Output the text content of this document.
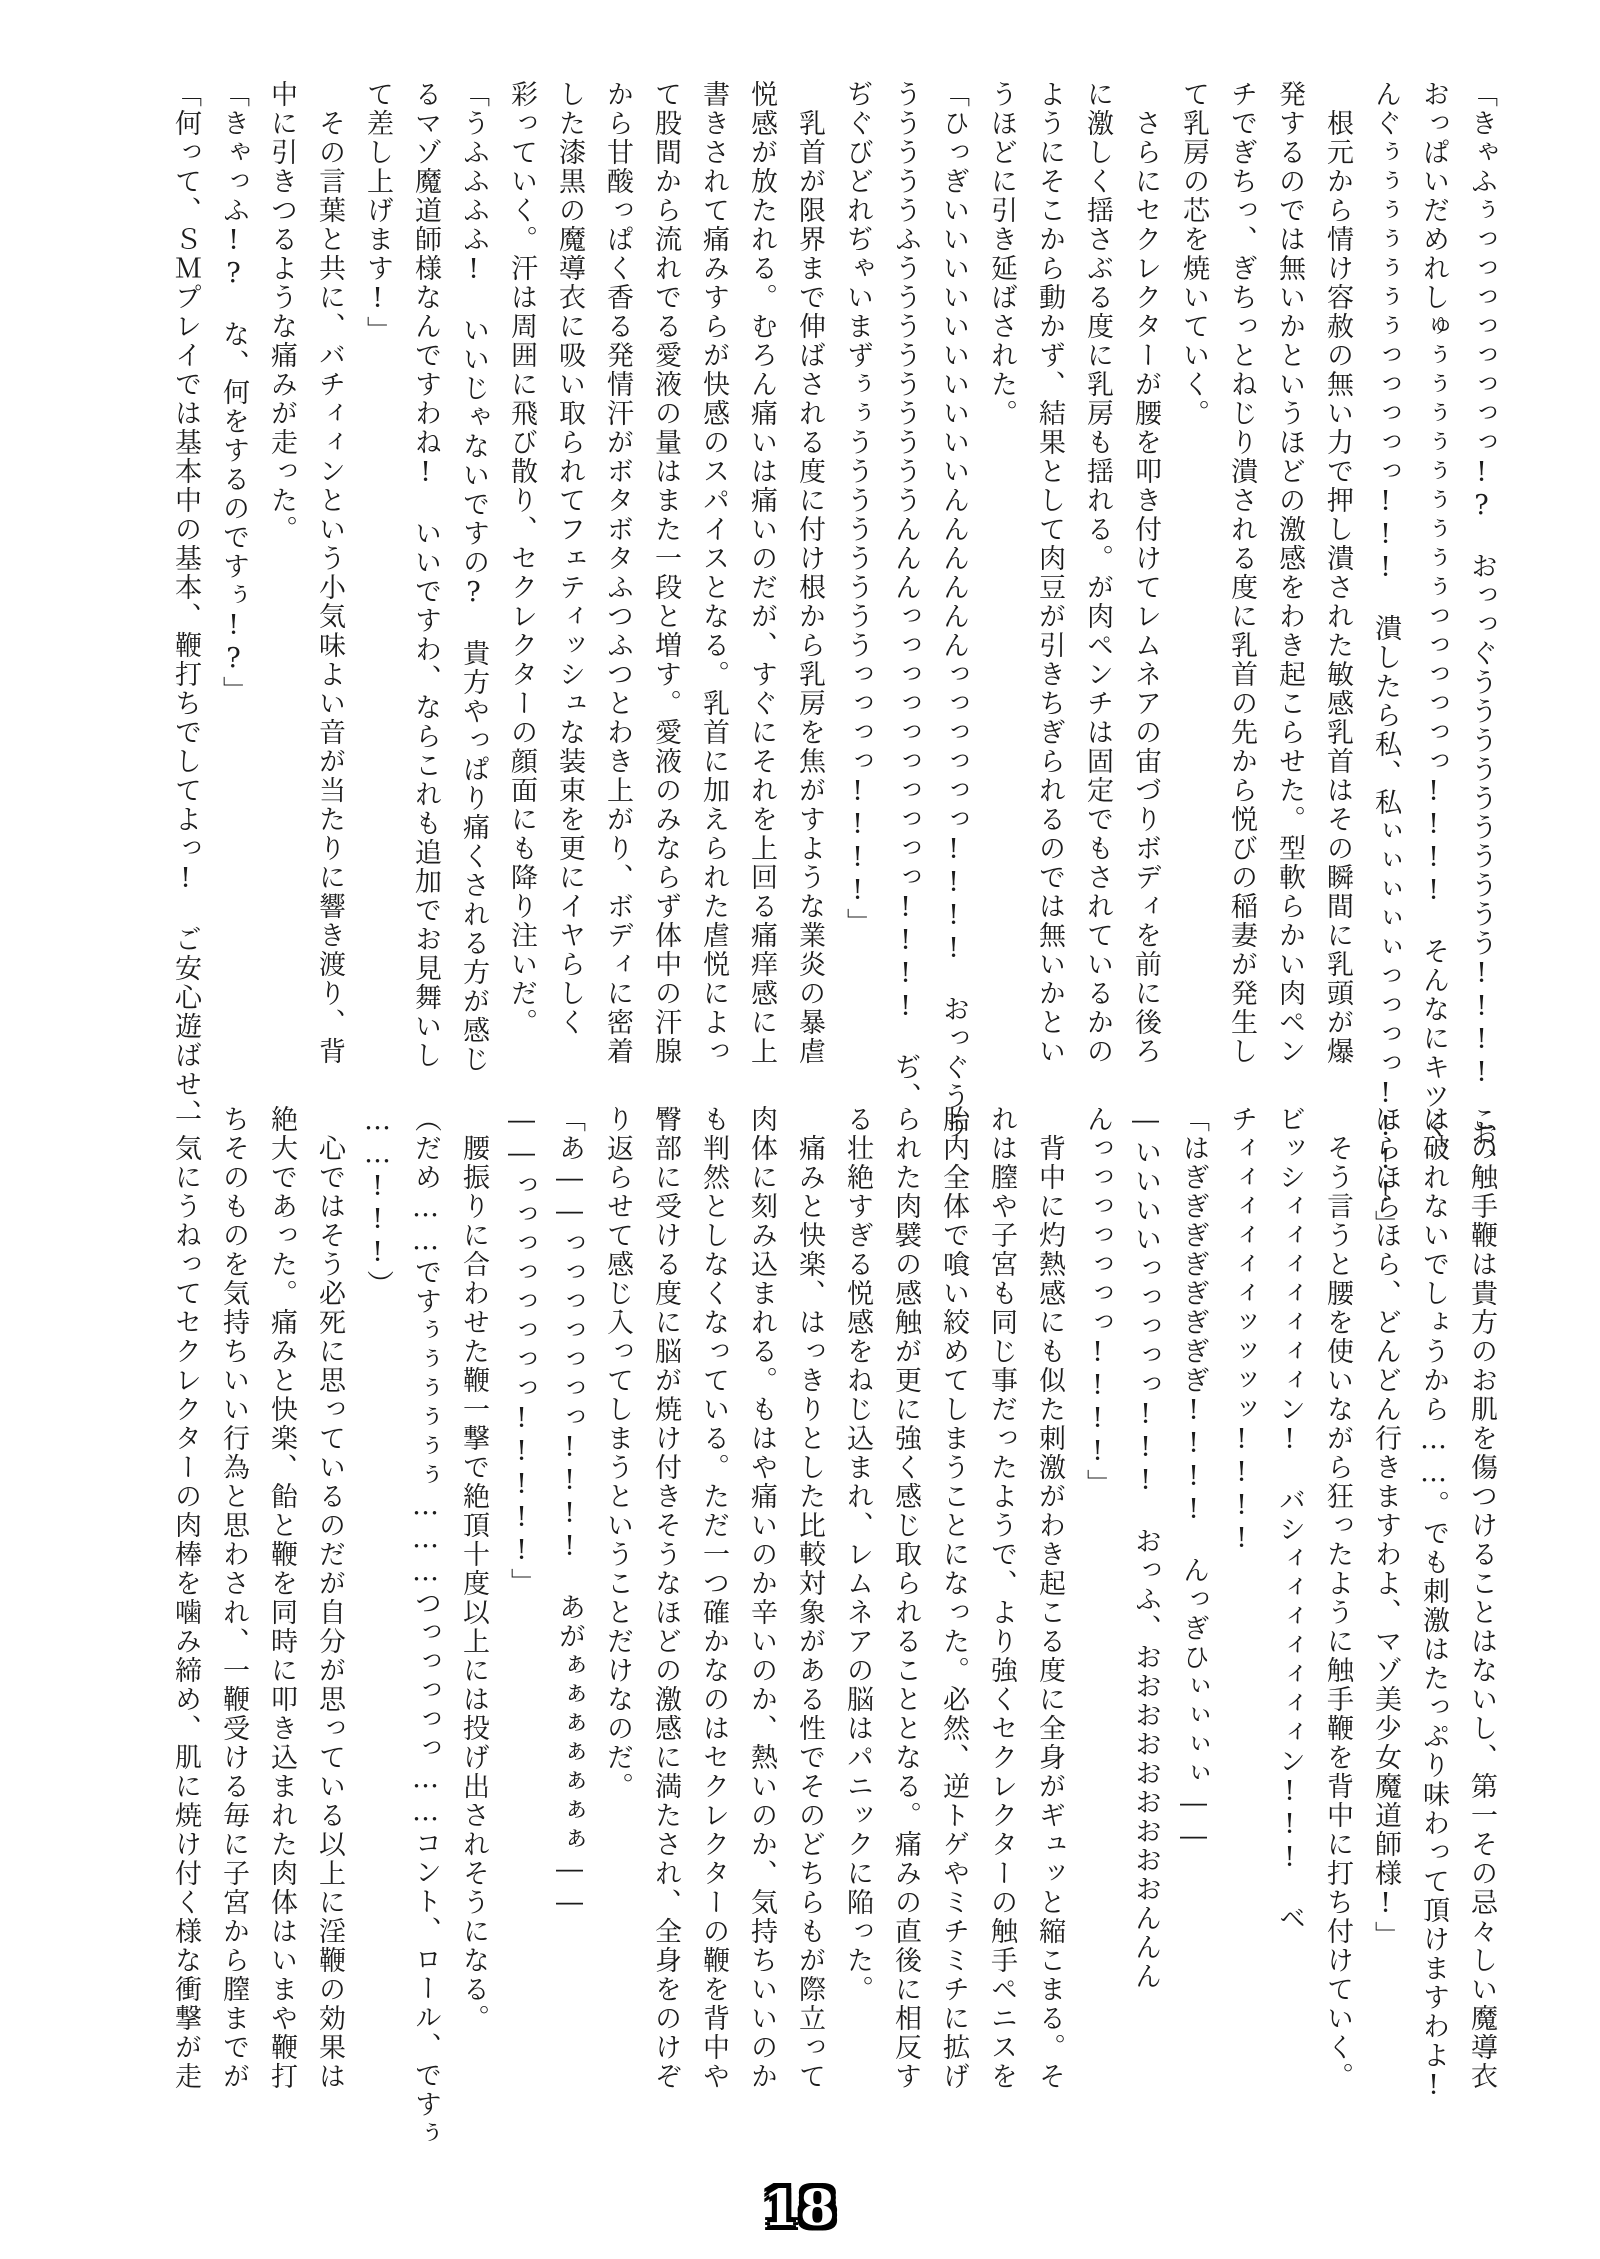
「きゃふぅっっっっっっっっ!?　おっっぐうううううううううう!!!!　お、
おっぱいだめれしゅぅぅぅぅぅぅぅぅぅっっっっっっ!!!!　そんなにキツく、
んぐぅぅぅぅぅぅぅっっっっっ!!!　潰したら私、私ぃぃぃぃぃっっっっ!!!!」
　根元から情け容赦の無い力で押し潰された敏感乳首はその瞬間に乳頭が爆
発するのでは無いかというほどの激感をわき起こらせた。型軟らかい肉ペン
チでぎちっ、ぎちっとねじり潰される度に乳首の先から悦びの稲妻が発生し
て乳房の芯を焼いていく。
　さらにセクレクターが腰を叩き付けてレムネアの宙づりボディを前に後ろ
に激しく揺さぶる度に乳房も揺れる。が肉ペンチは固定でもされているかの
ようにそこから動かず、結果として肉豆が引きちぎられるのでは無いかとい
うほどに引き延ばされた。
「ひっぎいいいいいいいいいいんんんんんんっっっっっっ!!!!　おっぐうう
うううううふうううううううううんんんっっっっっっっっっっ!!!!　ぢ、
ぢぐびどれぢゃいまずぅぅううううううううっっっっ!!!!」
　乳首が限界まで伸ばされる度に付け根から乳房を焦がすような業炎の暴虐
悦感が放たれる。むろん痛いは痛いのだが、すぐにそれを上回る痛痒感に上
書きされて痛みすらが快感のスパイスとなる。乳首に加えられた虐悦によっ
て股間から流れでる愛液の量はまた一段と増す。愛液のみならず体中の汗腺
から甘酸っぱく香る発情汗がボタボタふつふつとわき上がり、ボディに密着
した漆黒の魔導衣に吸い取られてフェティッシュな装束を更にイヤらしく
彩っていく。汗は周囲に飛び散り、セクレクターの顔面にも降り注いだ。
「うふふふふ!　いいじゃないですの?　貴方やっぱり痛くされる方が感じ
るマゾ魔道師様なんですわね!　いいですわ、ならこれも追加でお見舞いし
て差し上げます!」
　その言葉と共に、バチィィンという小気味よい音が当たりに響き渡り、背
中に引きつるような痛みが走った。
「きゃっふ!?　な、何をするのですぅ!?」
「何って、ＳＭプレイでは基本中の基本、鞭打ちでしてよっ!　ご安心遊ばせ、
この触手鞭は貴方のお肌を傷つけることはないし、第一その忌々しい魔導衣
は破れないでしょうから……。でも刺激はたっぷり味わって頂けますわよ!
ほらほらほら、どんどん行きますわよ、マゾ美少女魔道師様!」
　そう言うと腰を使いながら狂ったように触手鞭を背中に打ち付けていく。
ビッシィィィィィィィン!　バシィィィィィィィン!!!　ベ
チィィィィィィッッッッ!!!!
「はぎぎぎぎぎぎぎぎ!!!!　んっぎひぃぃぃぃ――
―いいいいっっっっっ!!!　おっふ、おおおおおおおおおんんん
んっっっっっっっ!!!!」
　背中に灼熱感にも似た刺激がわき起こる度に全身がギュッと縮こまる。そ
れは膣や子宮も同じ事だったようで、より強くセクレクターの触手ペニスを
胎内全体で喰い絞めてしまうことになった。必然、逆トゲやミチミチに拡げ
られた肉襞の感触が更に強く感じ取られることとなる。痛みの直後に相反す
る壮絶すぎる悦感をねじ込まれ、レムネアの脳はパニックに陥った。
　痛みと快楽、はっきりとした比較対象がある性でそのどちらもが際立って
肉体に刻み込まれる。もはや痛いのか辛いのか、熱いのか、気持ちいいのか
も判然としなくなっている。ただ一つ確かなのはセクレクターの鞭を背中や
臀部に受ける度に脳が焼け付きそうなほどの激感に満たされ、全身をのけぞ
り返らせて感じ入ってしまうということだけなのだ。
「あ――っっっっっっっ!!!!　あがぁぁぁぁぁぁぁ――
――っっっっっっっっ!!!!!」
　腰振りに合わせた鞭一撃で絶頂十度以上には投げ出されそうになる。
（だめ……ですぅぅぅぅぅぅ………つっっっっっ……コント、ロール、ですぅ
……!!!）
　心ではそう必死に思っているのだが自分が思っている以上に淫鞭の効果は
絶大であった。痛みと快楽、飴と鞭を同時に叩き込まれた肉体はいまや鞭打
ちそのものを気持ちいい行為と思わされ、一鞭受ける毎に子宮から膣までが
一気にうねってセクレクターの肉棒を噛み締め、肌に焼け付く様な衝撃が走
18
